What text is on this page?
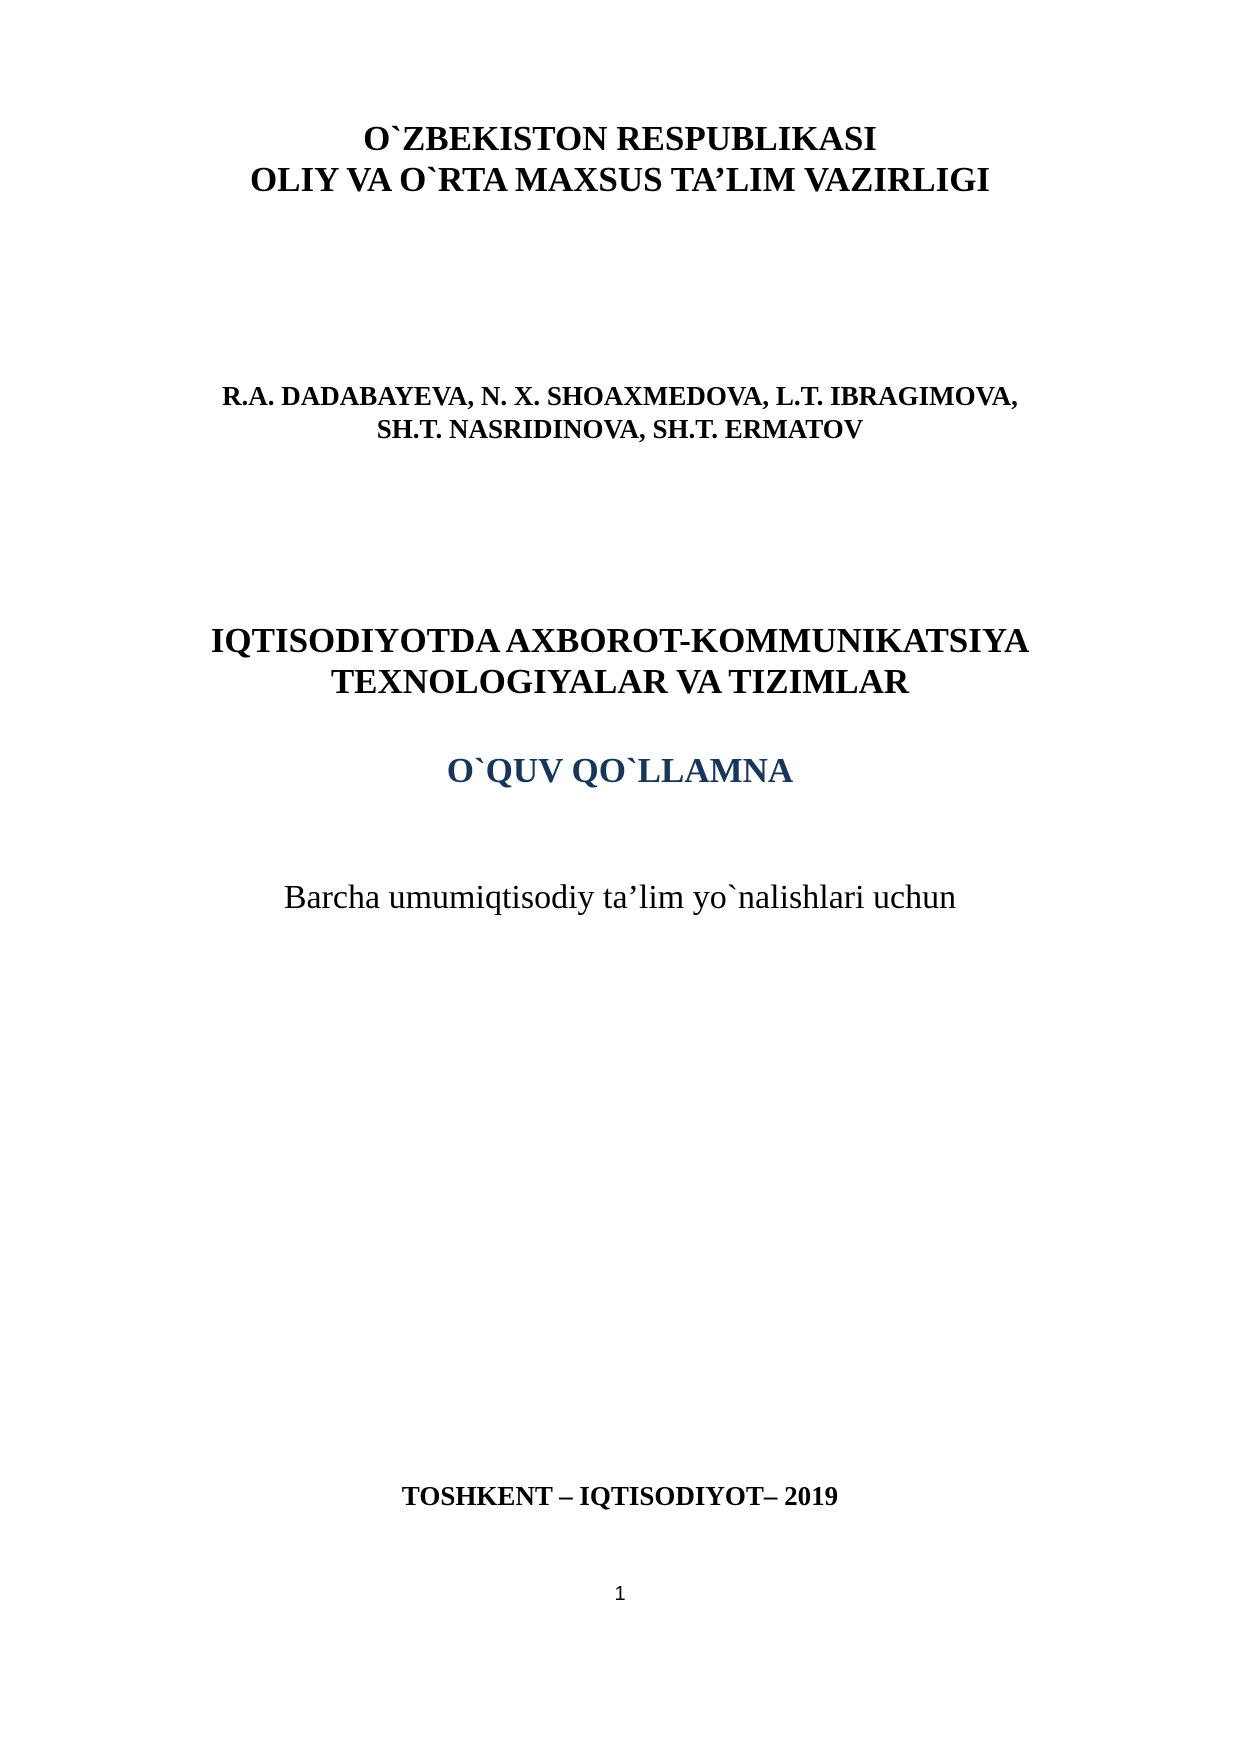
O`ZBEKISTON RESPUBLIKASI
OLIY VA O`RTA MAXSUS TA’LIM VAZIRLIGI

R.A. DADABAYEVA, N. X. SHOAXMEDOVA, L.T. IBRAGIMOVA,
SH.T. NASRIDINOVA, SH.T. ERMATOV

IQTISODIYOTDA AXBOROT-KOMMUNIKATSIYA
TEXNOLOGIYALAR VA TIZIMLAR
O`QUV QO`LLAMNA

Barcha umumiqtisodiy ta’lim yo`nalishlari uchun

TOSHKENT – IQTISODIYOT– 2019

1
